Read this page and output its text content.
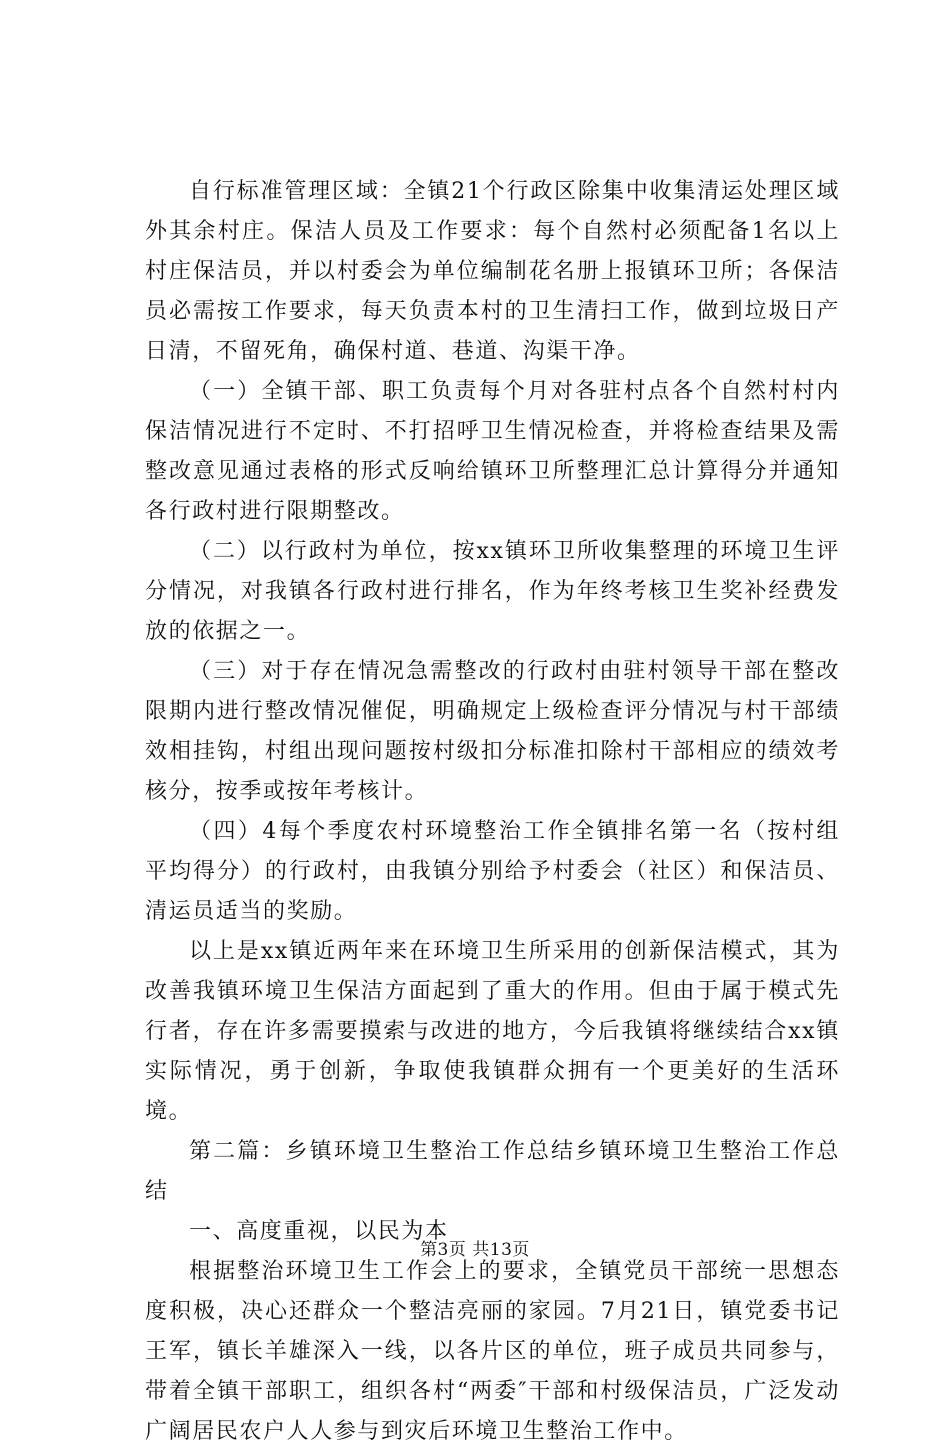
自行标准管理区域：全镇21个行政区除集中收集清运处理区域外其余村庄。保洁人员及工作要求：每个自然村必须配备1名以上村庄保洁员，并以村委会为单位编制花名册上报镇环卫所；各保洁员必需按工作要求，每天负责本村的卫生清扫工作，做到垃圾日产日清，不留死角，确保村道、巷道、沟渠干净。

（一）全镇干部、职工负责每个月对各驻村点各个自然村村内保洁情况进行不定时、不打招呼卫生情况检查，并将检查结果及需整改意见通过表格的形式反响给镇环卫所整理汇总计算得分并通知各行政村进行限期整改。

（二）以行政村为单位，按xx镇环卫所收集整理的环境卫生评分情况，对我镇各行政村进行排名，作为年终考核卫生奖补经费发放的依据之一。

（三）对于存在情况急需整改的行政村由驻村领导干部在整改限期内进行整改情况催促，明确规定上级检查评分情况与村干部绩效相挂钩，村组出现问题按村级扣分标准扣除村干部相应的绩效考核分，按季或按年考核计。

（四）4每个季度农村环境整治工作全镇排名第一名（按村组平均得分）的行政村，由我镇分别给予村委会（社区）和保洁员、清运员适当的奖励。

以上是xx镇近两年来在环境卫生所采用的创新保洁模式，其为改善我镇环境卫生保洁方面起到了重大的作用。但由于属于模式先行者，存在许多需要摸索与改进的地方，今后我镇将继续结合xx镇实际情况，勇于创新，争取使我镇群众拥有一个更美好的生活环境。

第二篇：乡镇环境卫生整治工作总结乡镇环境卫生整治工作总结

一、高度重视，以民为本

根据整治环境卫生工作会上的要求，全镇党员干部统一思想态度积极，决心还群众一个整洁亮丽的家园。7月21日，镇党委书记王军，镇长羊雄深入一线，以各片区的单位，班子成员共同参与，带着全镇干部职工，组织各村“两委″干部和村级保洁员，广泛发动广阔居民农户人人参与到灾后环境卫生整治工作中。

第3页 共13页
